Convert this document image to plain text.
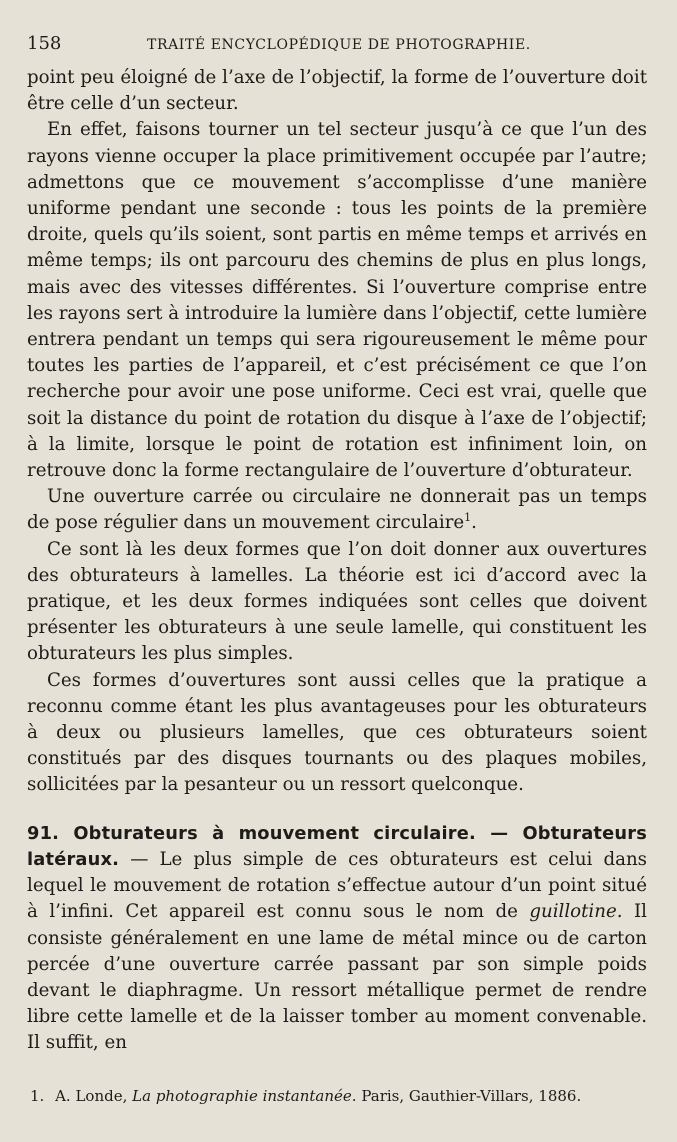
158	TRAITÉ ENCYCLOPÉDIQUE DE PHOTOGRAPHIE.

point peu éloigné de l’axe de l’objectif, la forme de l’ouverture doit être celle d’un secteur.

En effet, faisons tourner un tel secteur jusqu’à ce que l’un des rayons vienne occuper la place primitivement occupée par l’autre; admettons que ce mouvement s’accomplisse d’une manière uniforme pendant une seconde : tous les points de la première droite, quels qu’ils soient, sont partis en même temps et arrivés en même temps; ils ont parcouru des chemins de plus en plus longs, mais avec des vitesses différentes. Si l’ouverture comprise entre les rayons sert à introduire la lumière dans l’objectif, cette lumière entrera pendant un temps qui sera rigoureusement le même pour toutes les parties de l’appareil, et c’est précisément ce que l’on recherche pour avoir une pose uniforme. Ceci est vrai, quelle que soit la distance du point de rotation du disque à l’axe de l’objectif; à la limite, lorsque le point de rotation est infiniment loin, on retrouve donc la forme rectangulaire de l’ouverture d’obturateur.

Une ouverture carrée ou circulaire ne donnerait pas un temps de pose régulier dans un mouvement circulaire$^1$.

Ce sont là les deux formes que l’on doit donner aux ouvertures des obturateurs à lamelles. La théorie est ici d’accord avec la pratique, et les deux formes indiquées sont celles que doivent présenter les obturateurs à une seule lamelle, qui constituent les obturateurs les plus simples.

Ces formes d’ouvertures sont aussi celles que la pratique a reconnu comme étant les plus avantageuses pour les obturateurs à deux ou plusieurs lamelles, que ces obturateurs soient constitués par des disques tournants ou des plaques mobiles, sollicitées par la pesanteur ou un ressort quelconque.

91. Obturateurs à mouvement circulaire. — Obturateurs latéraux. — Le plus simple de ces obturateurs est celui dans lequel le mouvement de rotation s’effectue autour d’un point situé à l’infini. Cet appareil est connu sous le nom de guillotine. Il consiste généralement en une lame de métal mince ou de carton percée d’une ouverture carrée passant par son simple poids devant le diaphragme. Un ressort métallique permet de rendre libre cette lamelle et de la laisser tomber au moment convenable. Il suffit, en

1. A. Londe, La photographie instantanée. Paris, Gauthier-Villars, 1886.
